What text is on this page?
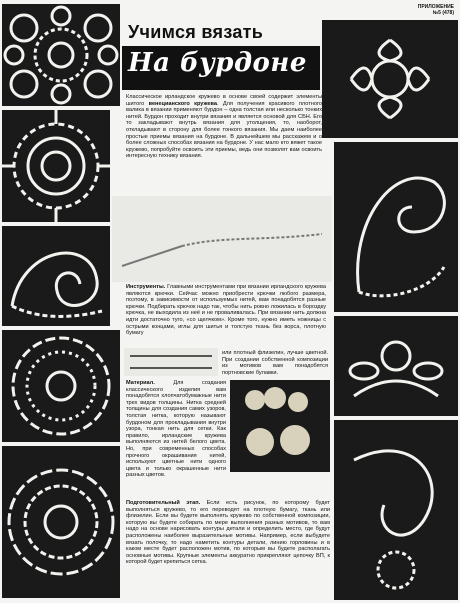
ПРИЛОЖЕНИЕ
№5 (478)
Учимся вязать
На бурдоне
Классическое ирландское кружево в основе своей содержит элементы шитого венецианского кружева. Для получения красивого плотного валика в вязании применяют бурдон – одна толстая или несколько тонких нитей. Бурдон проходит внутри вязания и является основой для СБН. Его то закладывают внутрь вязания для утолщения, то, наоборот, откладывают в сторону для более тонкого вязания. Мы даем наиболее простые приемы вязания на бурдоне. В дальнейшем мы расскажем и о более сложных способах вязания на бурдоне. У нас мало кто вяжет такое кружево, попробуйте освоить эти приемы, ведь они позволят вам освоить интересную технику вязания.
Инструменты. Главными инструментами при вязании ирландского кружева являются крючки. Сейчас можно приобрести крючки любого размера, поэтому, в зависимости от используемых нитей, вам понадобятся разные крючки. Подбирать крючок надо так, чтобы нить ровно ложилась в бороздку крючка, не выходила из неё и не проваливалась. При вязании нить должна идти достаточно туго, «со щелчком». Кроме того, нужно иметь ножницы с острыми концами, иглы для шитья и толстую ткань без ворса, плотную бумагу
или плотный флизелин, лучше цветной. При создании собственной композиции из мотивов вам понадобятся портновские булавки.
Материал.	Для создания классического изделия вам понадобятся хлопчатобумажные нити трех видов толщины. Нитка средней толщины для создания самих узоров, толстая нитка, которую называют бурдоном для прокладывания внутри узора, тонкая нить для сетки. Как правило, ирландские кружева выполняются из нитей белого цвета. Но, при современных способах прочного окрашивания нитей, используют цветные нити одного цвета и только окрашенные нити разных цветов.
Подготовительный этап. Если есть рисунок, по которому будет выполняться кружево, то его переводят на плотную бумагу, ткань или флизелин. Если вы будете выполнять кружево по собственной композиции, которую вы будете собирать по мере выполнения разных мотивов, то вам надо на основе нарисовать контуры детали и определить место, где будут расположены наиболее выразительные мотивы. Например, если выбудете вязать полочку, то надо наметить контуры детали, линию горловины и в каком месте будет расположен мотив, по которым вы будете располагать основные мотивы. Крупные элементы аккуратно прикрепляют цепочку ВП, к которой будет крепиться сетка.
